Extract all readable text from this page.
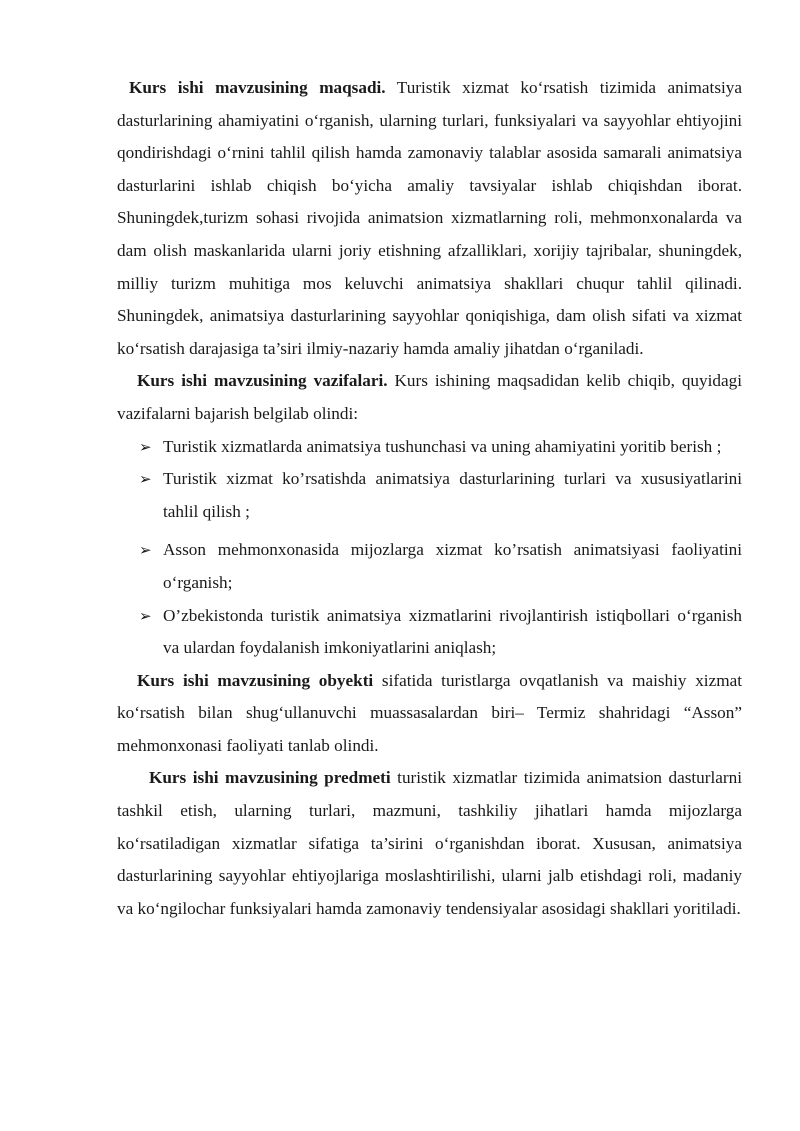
Kurs ishi mavzusining maqsadi. Turistik xizmat ko‘rsatish tizimida animatsiya dasturlarining ahamiyatini o‘rganish, ularning turlari, funksiyalari va sayyohlar ehtiyojini qondirishdagi o‘rnini tahlil qilish hamda zamonaviy talablar asosida samarali animatsiya dasturlarini ishlab chiqish bo‘yicha amaliy tavsiyalar ishlab chiqishdan iborat. Shuningdek,turizm sohasi rivojida animatsion xizmatlarning roli, mehmonxonalarda va dam olish maskanlarida ularni joriy etishning afzalliklari, xorijiy tajribalar, shuningdek, milliy turizm muhitiga mos keluvchi animatsiya shakllari chuqur tahlil qilinadi. Shuningdek, animatsiya dasturlarining sayyohlar qoniqishiga, dam olish sifati va xizmat ko‘rsatish darajasiga ta’siri ilmiy-nazariy hamda amaliy jihatdan o‘rganiladi.

Kurs ishi mavzusining vazifalari. Kurs ishining maqsadidan kelib chiqib, quyidagi vazifalarni bajarish belgilab olindi:

➢ Turistik xizmatlarda animatsiya tushunchasi va uning ahamiyatini yoritib berish ;
➢ Turistik xizmat ko’rsatishda animatsiya dasturlarining turlari va xususiyatlarini tahlil qilish ;
➢ Asson mehmonxonasida mijozlarga xizmat ko’rsatish animatsiyasi faoliyatini o‘rganish;
➢ O’zbekistonda turistik animatsiya xizmatlarini rivojlantirish istiqbollari o‘rganish va ulardan foydalanish imkoniyatlarini aniqlash;

Kurs ishi mavzusining obyekti sifatida turistlarga ovqatlanish va maishiy xizmat ko‘rsatish bilan shug‘ullanuvchi muassasalardan biri– Termiz shahridagi “Asson” mehmonxonasi faoliyati tanlab olindi.

Kurs ishi mavzusining predmeti turistik xizmatlar tizimida animatsion dasturlarni tashkil etish, ularning turlari, mazmuni, tashkiliy jihatlari hamda mijozlarga ko‘rsatiladigan xizmatlar sifatiga ta’sirini o‘rganishdan iborat. Xususan, animatsiya dasturlarining sayyohlar ehtiyojlariga moslashtirilishi, ularni jalb etishdagi roli, madaniy va ko‘ngilochar funksiyalari hamda zamonaviy tendensiyalar asosidagi shakllari yoritiladi.
